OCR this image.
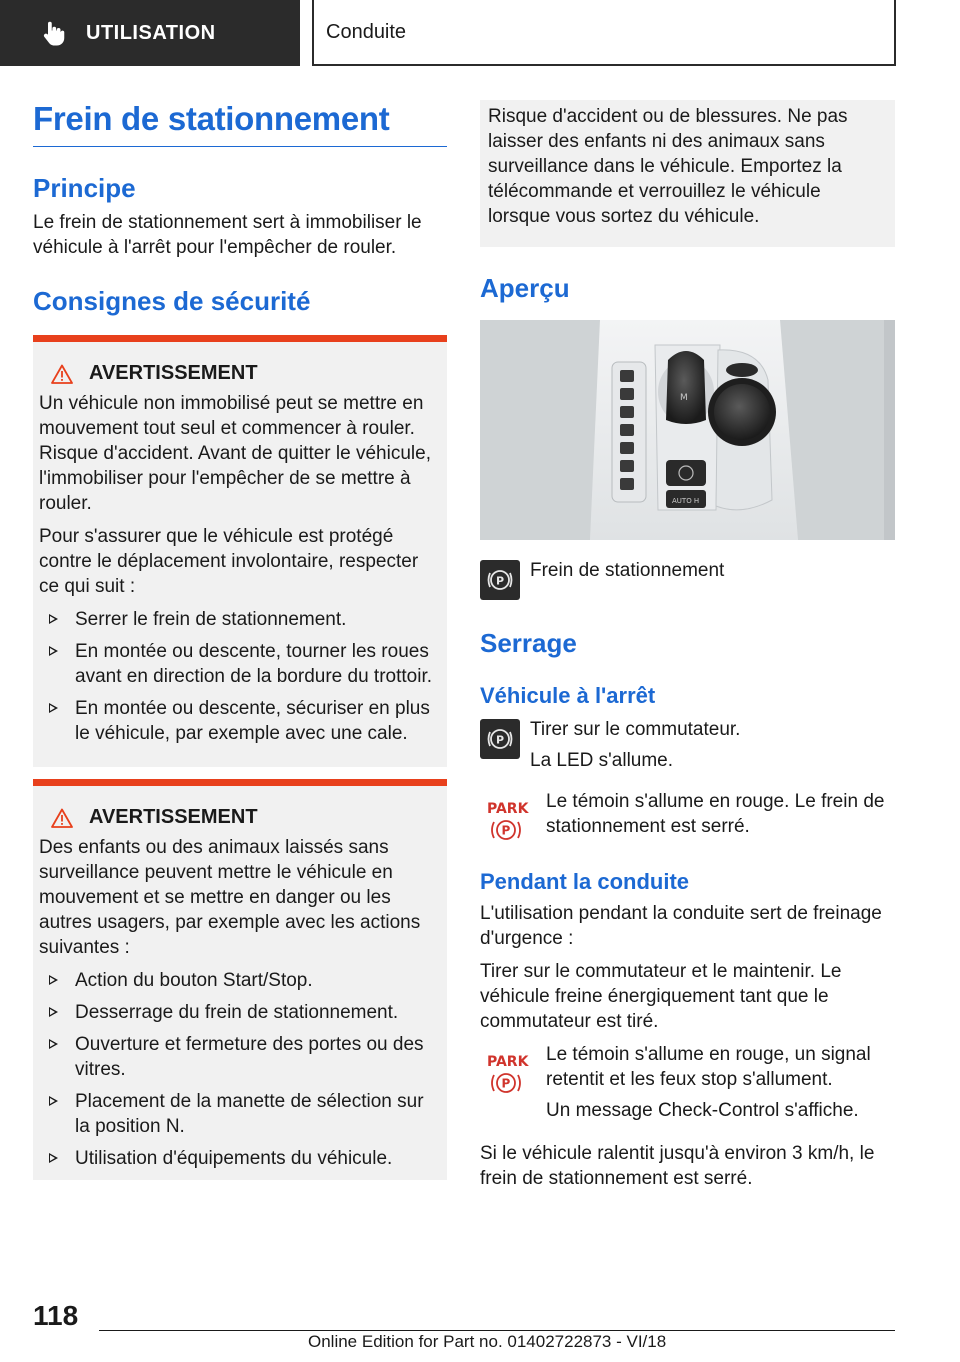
UTILISATION	Conduite
Frein de stationnement
Principe

Le frein de stationnement sert à immobiliser le véhicule à l'arrêt pour l'empêcher de rouler.

Consignes de sécurité
AVERTISSEMENT

Un véhicule non immobilisé peut se mettre en mouvement tout seul et commencer à rouler. Risque d'accident. Avant de quitter le véhicule, l'immobiliser pour l'empêcher de se mettre à rouler.

Pour s'assurer que le véhicule est protégé contre le déplacement involontaire, respecter ce qui suit :

Serrer le frein de stationnement.
En montée ou descente, tourner les roues avant en direction de la bordure du trottoir.
En montée ou descente, sécuriser en plus le véhicule, par exemple avec une cale.
AVERTISSEMENT

Des enfants ou des animaux laissés sans surveillance peuvent mettre le véhicule en mouvement et se mettre en danger ou les autres usagers, par exemple avec les actions suivantes :

Action du bouton Start/Stop.
Desserrage du frein de stationnement.
Ouverture et fermeture des portes ou des vitres.
Placement de la manette de sélection sur la position N.
Utilisation d'équipements du véhicule.

Risque d'accident ou de blessures. Ne pas laisser des enfants ni des animaux sans surveillance dans le véhicule. Emportez la télécommande et verrouillez le véhicule lorsque vous sortez du véhicule.

Aperçu
M
AUTO H
P Frein de stationnement

Serrage
Véhicule à l'arrêt
P Tirer sur le commutateur.

La LED s'allume.

PARK
P

Le témoin s'allume en rouge. Le frein de stationnement est serré.

Pendant la conduite

L'utilisation pendant la conduite sert de freinage d'urgence :

Tirer sur le commutateur et le maintenir. Le véhicule freine énergiquement tant que le commutateur est tiré.

PARK
P

Le témoin s'allume en rouge, un signal retentit et les feux stop s'allument.

Un message Check-Control s'affiche.

Si le véhicule ralentit jusqu'à environ 3 km/h, le frein de stationnement est serré.

118
Online Edition for Part no. 01402722873 - VI/18
